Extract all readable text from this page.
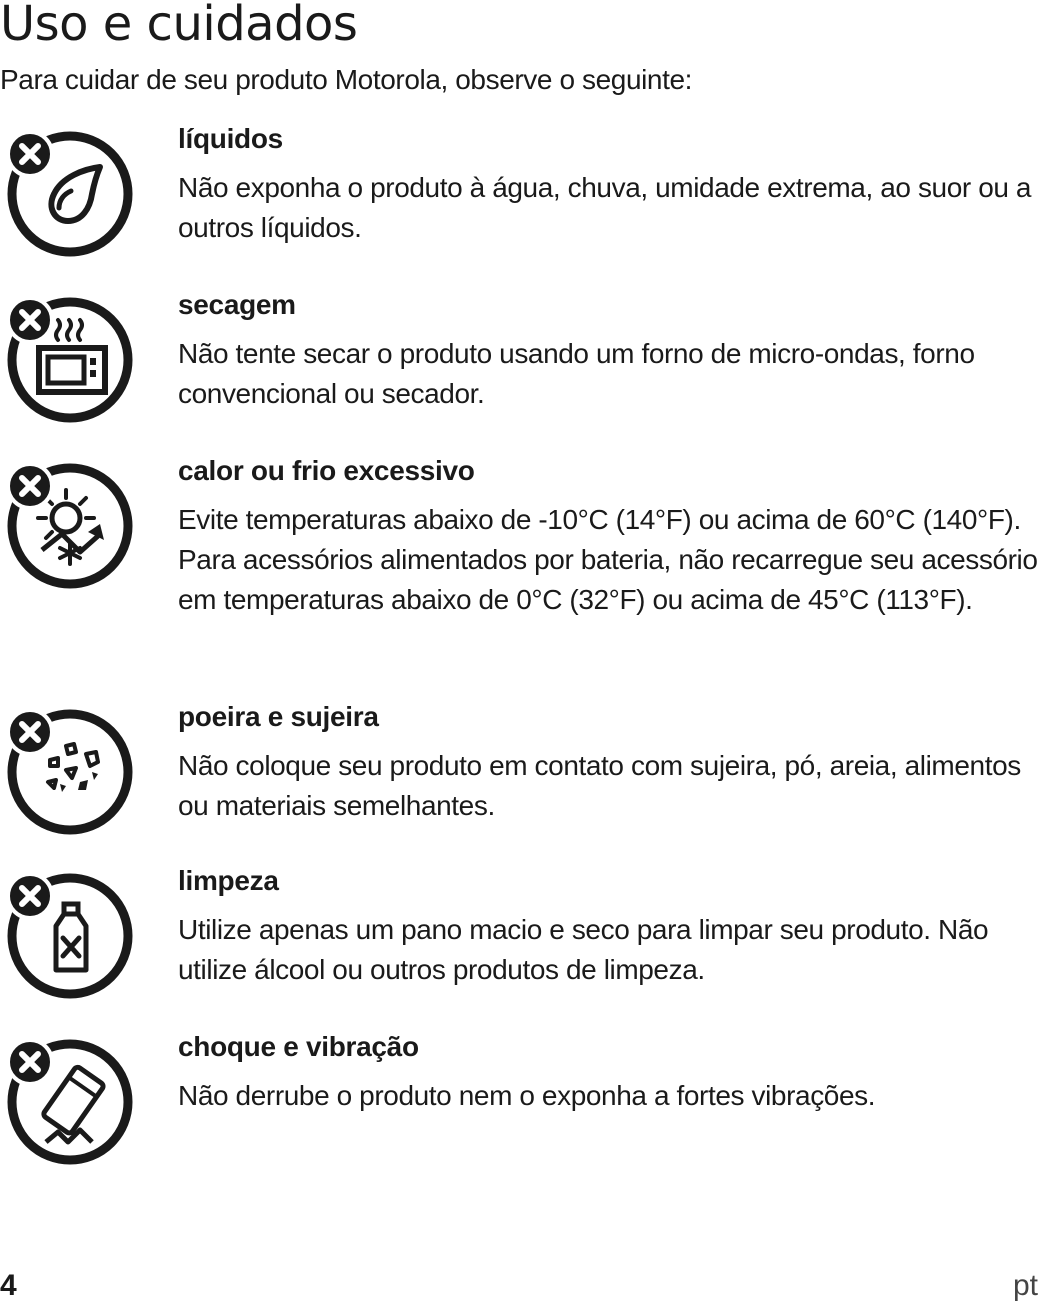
Uso e cuidados

Para cuidar de seu produto Motorola, observe o seguinte:

líquidos

Não exponha o produto à água, chuva, umidade extrema, ao suor ou a outros líquidos.

secagem

Não tente secar o produto usando um forno de micro-ondas, forno convencional ou secador.

calor ou frio excessivo

Evite temperaturas abaixo de -10°C (14°F) ou acima de 60°C (140°F). Para acessórios alimentados por bateria, não recarregue seu acessório em temperaturas abaixo de 0°C (32°F) ou acima de 45°C (113°F).

poeira e sujeira

Não coloque seu produto em contato com sujeira, pó, areia, alimentos ou materiais semelhantes.

limpeza

Utilize apenas um pano macio e seco para limpar seu produto. Não utilize álcool ou outros produtos de limpeza.

choque e vibração

Não derrube o produto nem o exponha a fortes vibrações.

4	pt
